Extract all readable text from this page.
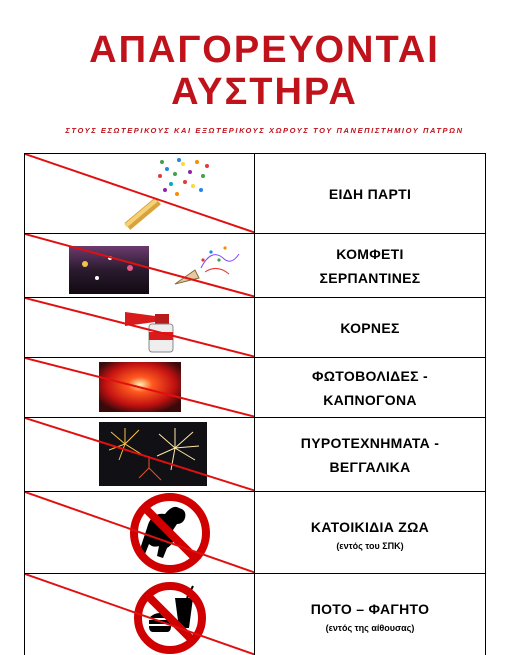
ΑΠΑΓΟΡΕΥΟΝΤΑΙ
ΑΥΣΤΗΡΑ
ΣΤΟΥΣ ΕΣΩΤΕΡΙΚΟΥΣ ΚΑΙ ΕΞΩΤΕΡΙΚΟΥΣ ΧΩΡΟΥΣ ΤΟΥ ΠΑΝΕΠΙΣΤΗΜΙΟΥ ΠΑΤΡΩΝ
ΕΙΔΗ ΠΑΡΤΙ
ΚΟΜΦΕΤΙ
ΣΕΡΠΑΝΤΙΝΕΣ
ΚΟΡΝΕΣ
ΦΩΤΟΒΟΛΙΔΕΣ -
ΚΑΠΝΟΓΟΝΑ
ΠΥΡΟΤΕΧΝΗΜΑΤΑ -
ΒΕΓΓΑΛΙΚΑ
ΚΑΤΟΙΚΙΔΙΑ ΖΩΑ
(εντός του ΣΠΚ)
ΠΟΤΟ – ΦΑΓΗΤΟ
(εντός της αίθουσας)
